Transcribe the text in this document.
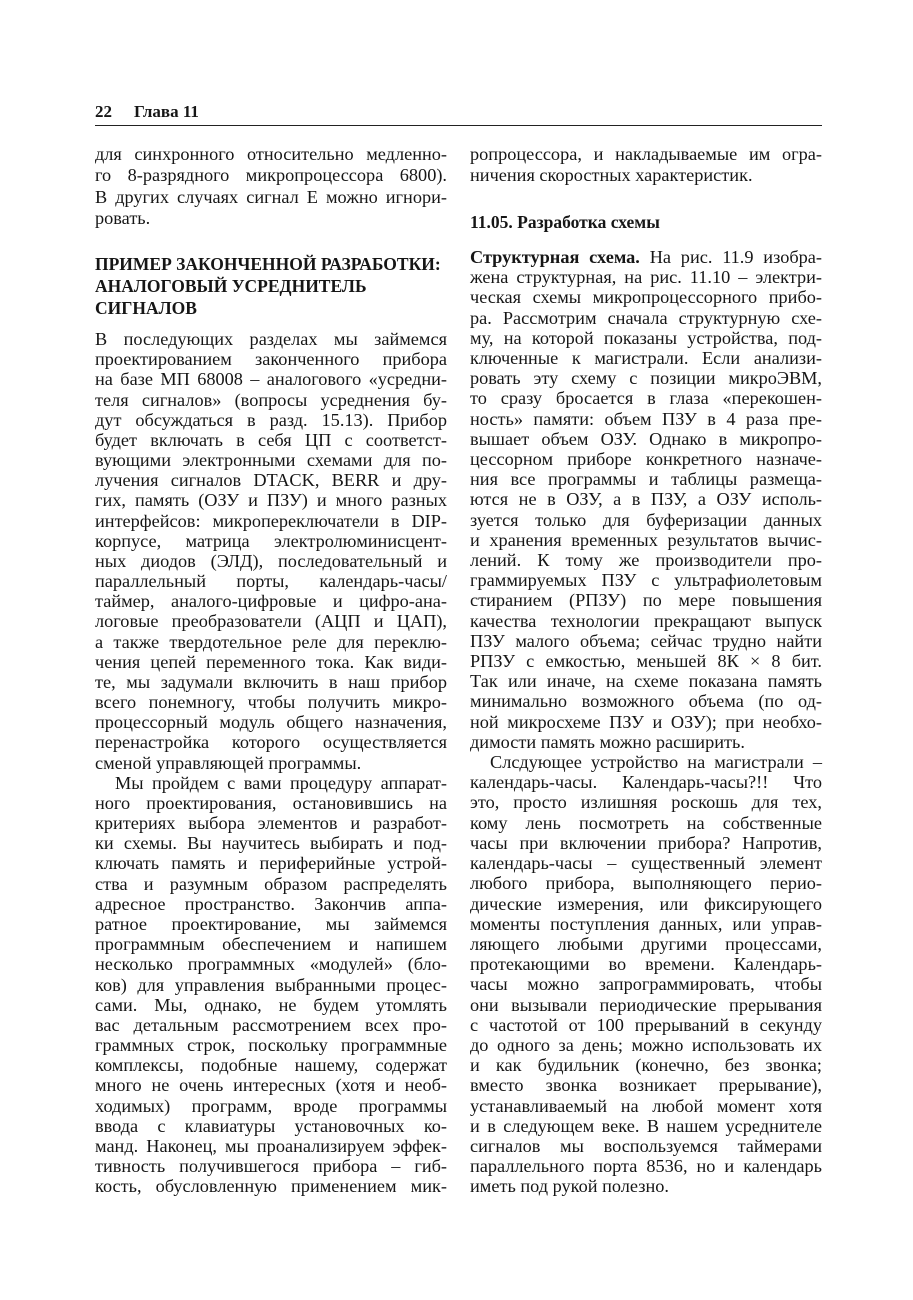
22 Глава 11
для синхронного относительно медленно-
го 8-разрядного микропроцессора 6800).
В других случаях сигнал Е можно игнори-
ровать.
ПРИМЕР ЗАКОНЧЕННОЙ РАЗРАБОТКИ:
АНАЛОГОВЫЙ УСРЕДНИТЕЛЬ
СИГНАЛОВ
В последующих разделах мы займемся
проектированием законченного прибора
на базе МП 68008 – аналогового «усредни-
теля сигналов» (вопросы усреднения бу-
дут обсуждаться в разд. 15.13). Прибор
будет включать в себя ЦП с соответст-
вующими электронными схемами для по-
лучения сигналов DTACK, BERR и дру-
гих, память (ОЗУ и ПЗУ) и много разных
интерфейсов: микропереключатели в DIP-
корпусе, матрица электролюминисцент-
ных диодов (ЭЛД), последовательный и
параллельный порты, календарь-часы/
таймер, аналого-цифровые и цифро-ана-
логовые преобразователи (АЦП и ЦАП),
а также твердотельное реле для переклю-
чения цепей переменного тока. Как види-
те, мы задумали включить в наш прибор
всего понемногу, чтобы получить микро-
процессорный модуль общего назначения,
перенастройка которого осуществляется
сменой управляющей программы.
Мы пройдем с вами процедуру аппарат-
ного проектирования, остановившись на
критериях выбора элементов и разработ-
ки схемы. Вы научитесь выбирать и под-
ключать память и периферийные устрой-
ства и разумным образом распределять
адресное пространство. Закончив аппа-
ратное проектирование, мы займемся
программным обеспечением и напишем
несколько программных «модулей» (бло-
ков) для управления выбранными процес-
сами. Мы, однако, не будем утомлять
вас детальным рассмотрением всех про-
граммных строк, поскольку программные
комплексы, подобные нашему, содержат
много не очень интересных (хотя и необ-
ходимых) программ, вроде программы
ввода с клавиатуры установочных ко-
манд. Наконец, мы проанализируем эффек-
тивность получившегося прибора – гиб-
кость, обусловленную применением мик-
ропроцессора, и накладываемые им огра-
ничения скоростных характеристик.
11.05. Разработка схемы
Структурная схема. На рис. 11.9 изобра-
жена структурная, на рис. 11.10 – электри-
ческая схемы микропроцессорного прибо-
ра. Рассмотрим сначала структурную схе-
му, на которой показаны устройства, под-
ключенные к магистрали. Если анализи-
ровать эту схему с позиции микроЭВМ,
то сразу бросается в глаза «перекошен-
ность» памяти: объем ПЗУ в 4 раза пре-
вышает объем ОЗУ. Однако в микропро-
цессорном приборе конкретного назначе-
ния все программы и таблицы размеща-
ются не в ОЗУ, а в ПЗУ, а ОЗУ исполь-
зуется только для буферизации данных
и хранения временных результатов вычис-
лений. К тому же производители про-
граммируемых ПЗУ с ультрафиолетовым
стиранием (РПЗУ) по мере повышения
качества технологии прекращают выпуск
ПЗУ малого объема; сейчас трудно найти
РПЗУ с емкостью, меньшей 8К × 8 бит.
Так или иначе, на схеме показана память
минимально возможного объема (по од-
ной микросхеме ПЗУ и ОЗУ); при необхо-
димости память можно расширить.
Слсдующее устройство на магистрали –
календарь-часы. Календарь-часы?!! Что
это, просто излишняя роскошь для тех,
кому лень посмотреть на собственные
часы при включении прибора? Напротив,
календарь-часы – существенный элемент
любого прибора, выполняющего перио-
дические измерения, или фиксирующего
моменты поступления данных, или управ-
ляющего любыми другими процессами,
протекающими во времени. Календарь-
часы можно запрограммировать, чтобы
они вызывали периодические прерывания
с частотой от 100 прерываний в секунду
до одного за день; можно использовать их
и как будильник (конечно, без звонка;
вместо звонка возникает прерывание),
устанавливаемый на любой момент хотя
и в следующем веке. В нашем усреднителе
сигналов мы воспользуемся таймерами
параллельного порта 8536, но и календарь
иметь под рукой полезно.
